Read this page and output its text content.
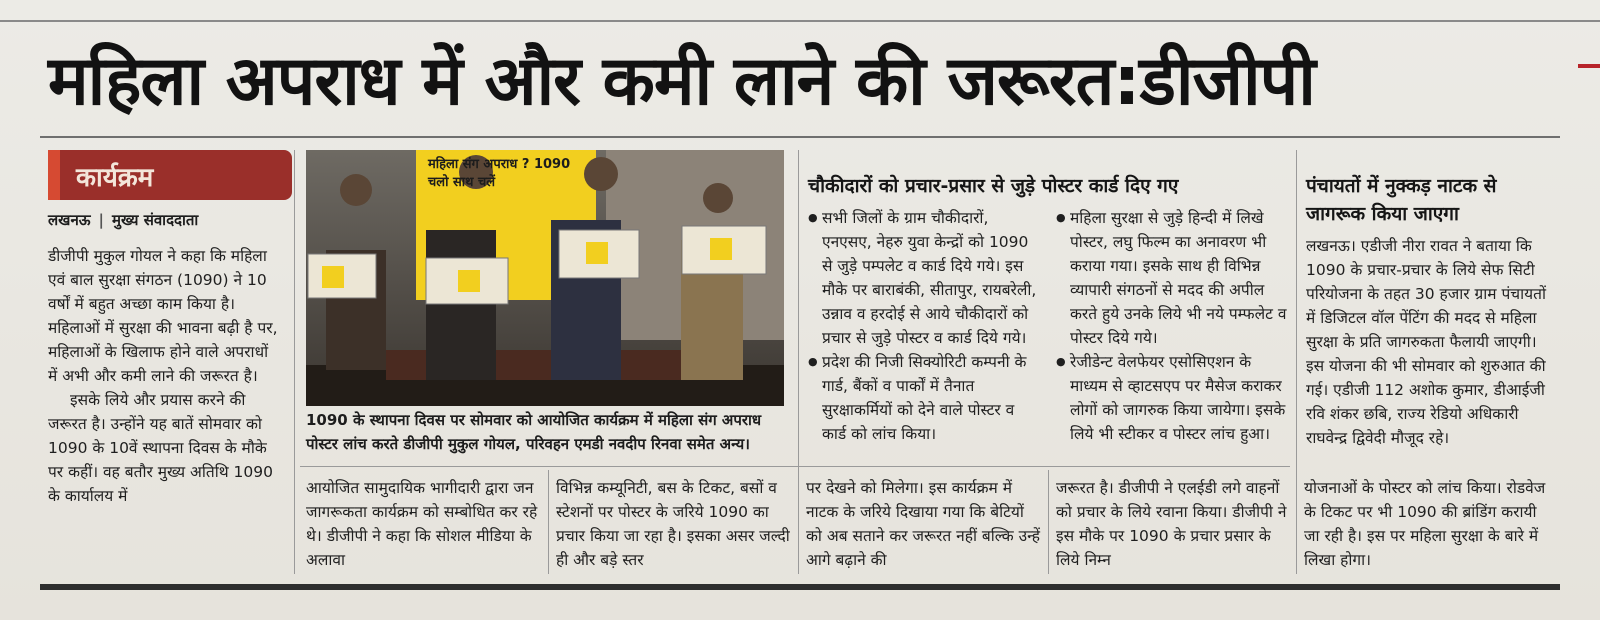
महिला अपराध में और कमी लाने की जरूरत:डीजीपी
कार्यक्रम
लखनऊ | मुख्य संवाददाता

डीजीपी मुकुल गोयल ने कहा कि महिला एवं बाल सुरक्षा संगठन (1090) ने 10 वर्षों में बहुत अच्छा काम किया है। महिलाओं में सुरक्षा की भावना बढ़ी है पर, महिलाओं के खिलाफ होने वाले अपराधों में अभी और कमी लाने की जरूरत है।

इसके लिये और प्रयास करने की जरूरत है। उन्होंने यह बातें सोमवार को 1090 के 10वें स्थापना दिवस के मौके पर कहीं। वह बतौर मुख्य अतिथि 1090 के कार्यालय में

महिला संग अपराध ? 1090 चलो साथ चलें
1090 के स्थापना दिवस पर सोमवार को आयोजित कार्यक्रम में महिला संग अपराध पोस्टर लांच करते डीजीपी मुकुल गोयल, परिवहन एमडी नवदीप रिनवा समेत अन्य।
आयोजित सामुदायिक भागीदारी द्वारा जन जागरूकता कार्यक्रम को सम्बोधित कर रहे थे। डीजीपी ने कहा कि सोशल मीडिया के अलावा
विभिन्न कम्यूनिटी, बस के टिकट, बसों व स्टेशनों पर पोस्टर के जरिये 1090 का प्रचार किया जा रहा है। इसका असर जल्दी ही और बड़े स्तर
पर देखने को मिलेगा। इस कार्यक्रम में नाटक के जरिये दिखाया गया कि बेटियों को अब सताने कर जरूरत नहीं बल्कि उन्हें आगे बढ़ाने की
जरूरत है। डीजीपी ने एलईडी लगे वाहनों को प्रचार के लिये रवाना किया। डीजीपी ने इस मौके पर 1090 के प्रचार प्रसार के लिये निम्न
योजनाओं के पोस्टर को लांच किया। रोडवेज के टिकट पर भी 1090 की ब्रांडिंग करायी जा रही है। इस पर महिला सुरक्षा के बारे में लिखा होगा।
चौकीदारों को प्रचार-प्रसार से जुड़े पोस्टर कार्ड दिए गए
● सभी जिलों के ग्राम चौकीदारों, एनएसए, नेहरु युवा केन्द्रों को 1090 से जुड़े पम्पलेट व कार्ड दिये गये। इस मौके पर बाराबंकी, सीतापुर, रायबरेली, उन्नाव व हरदोई से आये चौकीदारों को प्रचार से जुड़े पोस्टर व कार्ड दिये गये।
● प्रदेश की निजी सिक्योरिटी कम्पनी के गार्ड, बैंकों व पार्कों में तैनात सुरक्षाकर्मियों को देने वाले पोस्टर व कार्ड को लांच किया।
● महिला सुरक्षा से जुड़े हिन्दी में लिखे पोस्टर, लघु फिल्म का अनावरण भी कराया गया। इसके साथ ही विभिन्न व्यापारी संगठनों से मदद की अपील करते हुये उनके लिये भी नये पम्फलेट व पोस्टर दिये गये।
● रेजीडेन्ट वेलफेयर एसोसिएशन के माध्यम से व्हाटसएप पर मैसेज कराकर लोगों को जागरुक किया जायेगा। इसके लिये भी स्टीकर व पोस्टर लांच हुआ।
पंचायतों में नुक्कड़ नाटक से जागरूक किया जाएगा
लखनऊ। एडीजी नीरा रावत ने बताया कि 1090 के प्रचार-प्रचार के लिये सेफ सिटी परियोजना के तहत 30 हजार ग्राम पंचायतों में डिजिटल वॉल पेंटिंग की मदद से महिला सुरक्षा के प्रति जागरुकता फैलायी जाएगी। इस योजना की भी सोमवार को शुरुआत की गई। एडीजी 112 अशोक कुमार, डीआईजी रवि शंकर छबि, राज्य रेडियो अधिकारी राघवेन्द्र द्विवेदी मौजूद रहे।
